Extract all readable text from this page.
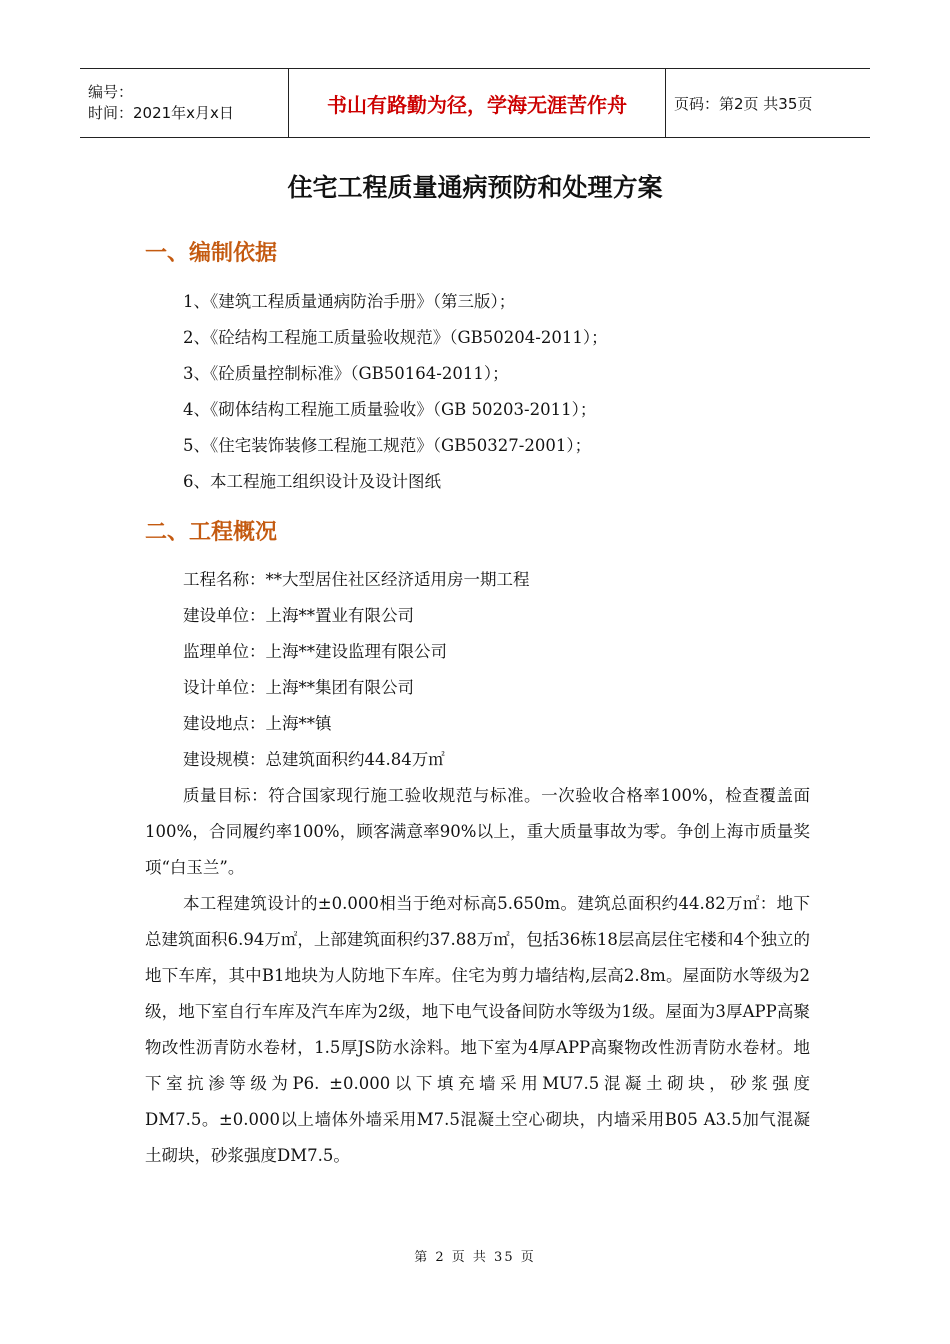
编号：
时间：2021年x月x日	书山有路勤为径，学海无涯苦作舟	页码：第2页 共35页
住宅工程质量通病预防和处理方案
一、编制依据
1、《建筑工程质量通病防治手册》（第三版）；
2、《砼结构工程施工质量验收规范》（GB50204-2011）；
3、《砼质量控制标准》（GB50164-2011）；
4、《砌体结构工程施工质量验收》（GB 50203-2011）；
5、《住宅装饰装修工程施工规范》（GB50327-2001）；
6、本工程施工组织设计及设计图纸
二、工程概况
工程名称：**大型居住社区经济适用房一期工程
建设单位：上海**置业有限公司
监理单位：上海**建设监理有限公司
设计单位：上海**集团有限公司
建设地点：上海**镇
建设规模：总建筑面积约44.84万㎡

质量目标：符合国家现行施工验收规范与标准。一次验收合格率100%，检查覆盖面100%，合同履约率100%，顾客满意率90%以上，重大质量事故为零。争创上海市质量奖项“白玉兰”。

本工程建筑设计的±0.000相当于绝对标高5.650m。建筑总面积约44.82万㎡：地下总建筑面积6.94万㎡，上部建筑面积约37.88万㎡，包括36栋18层高层住宅楼和4个独立的地下车库，其中B1地块为人防地下车库。住宅为剪力墙结构,层高2.8m。屋面防水等级为2级，地下室自行车库及汽车库为2级，地下电气设备间防水等级为1级。屋面为3厚APP高聚物改性沥青防水卷材，1.5厚JS防水涂料。地下室为4厚APP高聚物改性沥青防水卷材。地下室抗渗等级为P6. ±0.000以下填充墙采用MU7.5混凝土砌块，砂浆强度DM7.5。±0.000以上墙体外墙采用M7.5混凝土空心砌块，内墙采用B05 A3.5加气混凝土砌块，砂浆强度DM7.5。

第 2 页 共 35 页
